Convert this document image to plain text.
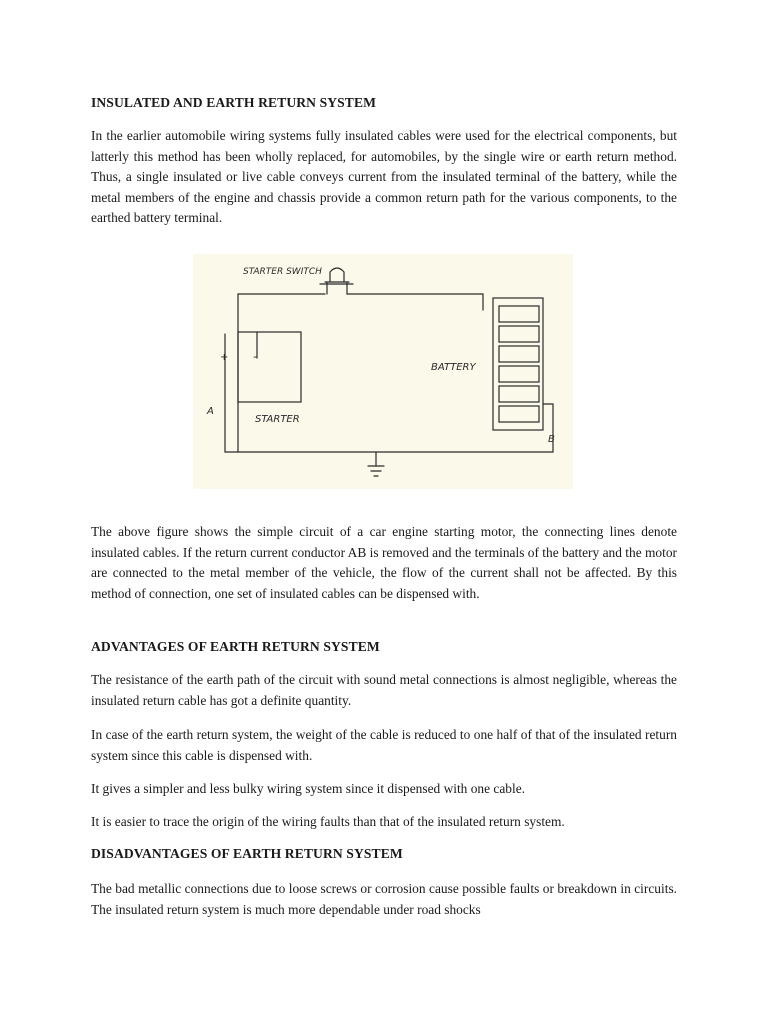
INSULATED AND EARTH RETURN SYSTEM

In the earlier automobile wiring systems fully insulated cables were used for the electrical components, but latterly this method has been wholly replaced, for automobiles, by the single wire or earth return method. Thus, a single insulated or live cable conveys current from the insulated terminal of the battery, while the metal members of the engine and chassis provide a common return path for the various components, to the earthed battery terminal.

STARTER SWITCH
STARTER
BATTERY
A
B
+ -

The above figure shows the simple circuit of a car engine starting motor, the connecting lines denote insulated cables. If the return current conductor AB is removed and the terminals of the battery and the motor are connected to the metal member of the vehicle, the flow of the current shall not be affected. By this method of connection, one set of insulated cables can be dispensed with.

ADVANTAGES OF EARTH RETURN SYSTEM

The resistance of the earth path of the circuit with sound metal connections is almost negligible, whereas the insulated return cable has got a definite quantity.

In case of the earth return system, the weight of the cable is reduced to one half of that of the insulated return system since this cable is dispensed with.

It gives a simpler and less bulky wiring system since it dispensed with one cable.

It is easier to trace the origin of the wiring faults than that of the insulated return system.

DISADVANTAGES OF EARTH RETURN SYSTEM

The bad metallic connections due to loose screws or corrosion cause possible faults or breakdown in circuits. The insulated return system is much more dependable under road shocks
